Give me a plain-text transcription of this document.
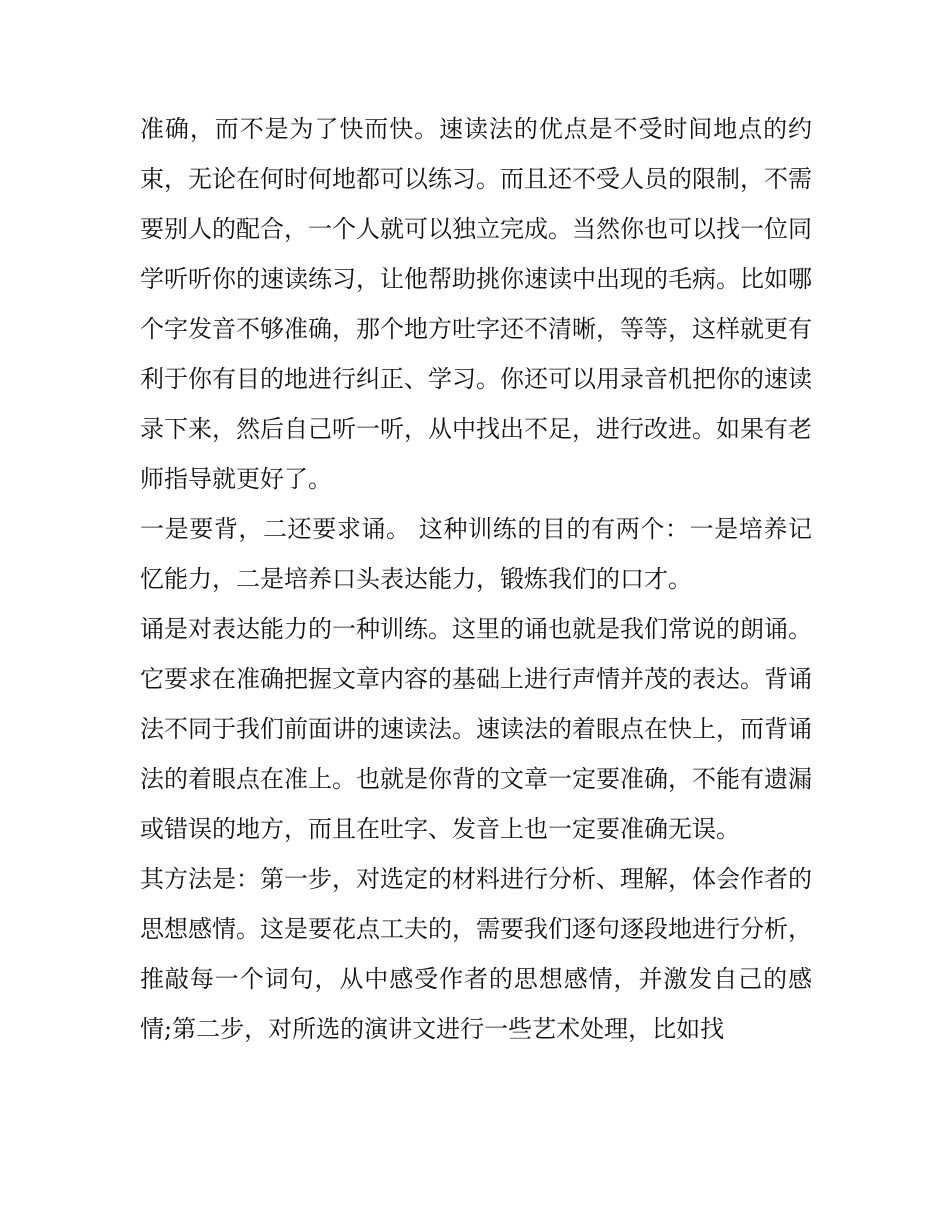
准确，而不是为了快而快。速读法的优点是不受时间地点的约束，无论在何时何地都可以练习。而且还不受人员的限制，不需要别人的配合，一个人就可以独立完成。当然你也可以找一位同学听听你的速读练习，让他帮助挑你速读中出现的毛病。比如哪个字发音不够准确，那个地方吐字还不清晰，等等，这样就更有利于你有目的地进行纠正、学习。你还可以用录音机把你的速读录下来，然后自己听一听，从中找出不足，进行改进。如果有老师指导就更好了。

一是要背，二还要求诵。 这种训练的目的有两个：一是培养记忆能力，二是培养口头表达能力，锻炼我们的口才。

诵是对表达能力的一种训练。这里的诵也就是我们常说的朗诵。它要求在准确把握文章内容的基础上进行声情并茂的表达。背诵法不同于我们前面讲的速读法。速读法的着眼点在快上，而背诵法的着眼点在准上。也就是你背的文章一定要准确，不能有遗漏或错误的地方，而且在吐字、发音上也一定要准确无误。

其方法是：第一步，对选定的材料进行分析、理解，体会作者的思想感情。这是要花点工夫的，需要我们逐句逐段地进行分析，推敲每一个词句，从中感受作者的思想感情，并激发自己的感情;第二步，对所选的演讲文进行一些艺术处理，比如找
